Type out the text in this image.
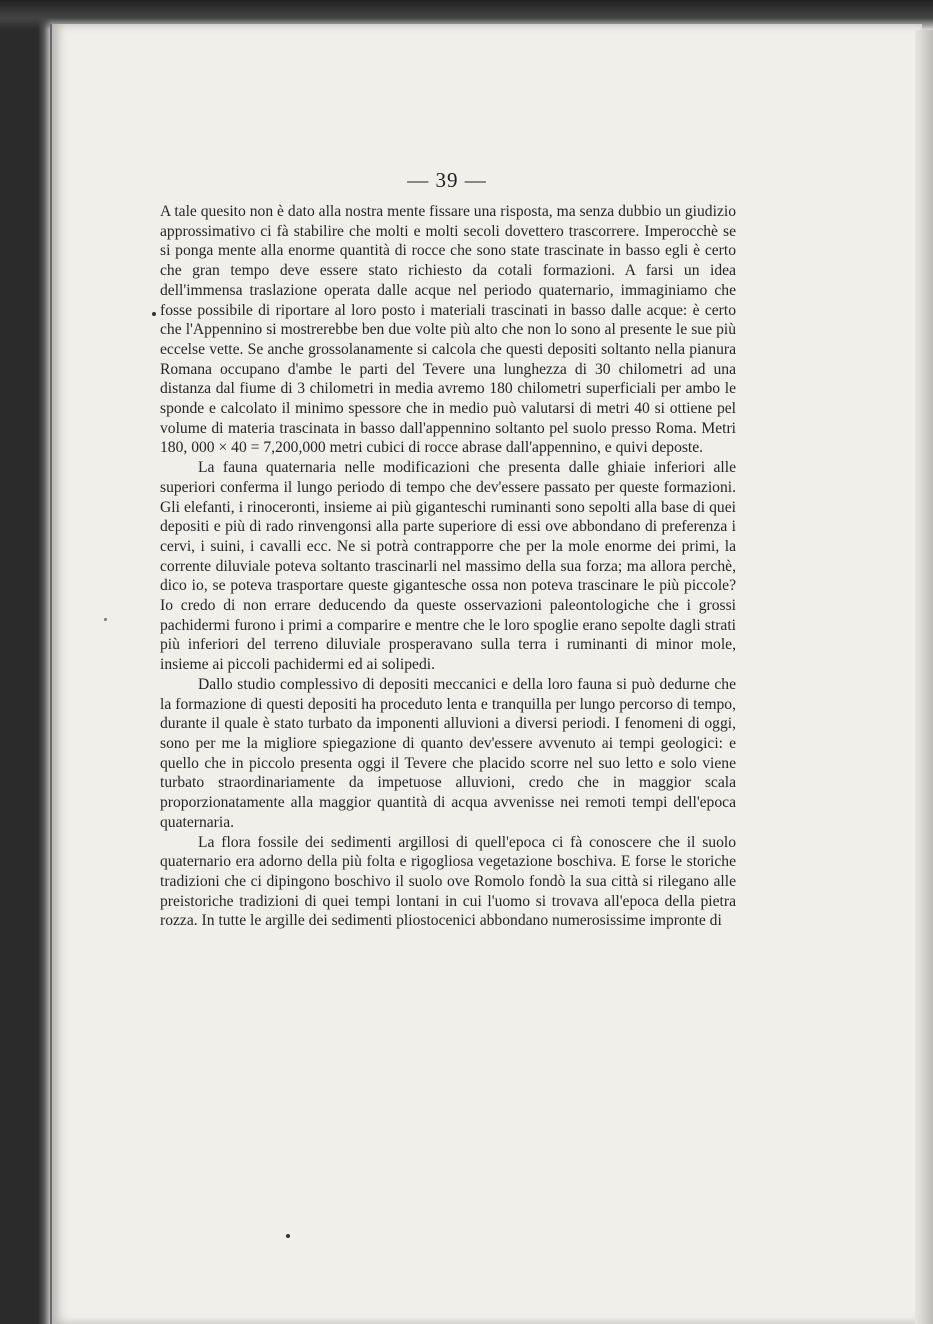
— 39 —

A tale quesito non è dato alla nostra mente fissare una risposta, ma senza dubbio un giudizio approssimativo ci fà stabilire che molti e molti secoli dovettero trascorrere. Imperocchè se si ponga mente alla enorme quantità di rocce che sono state trascinate in basso egli è certo che gran tempo deve essere stato richiesto da cotali formazioni. A farsi un idea dell'immensa traslazione operata dalle acque nel periodo quaternario, immaginiamo che fosse possibile di riportare al loro posto i materiali trascinati in basso dalle acque: è certo che l'Appennino si mostrerebbe ben due volte più alto che non lo sono al presente le sue più eccelse vette. Se anche grossolanamente si calcola che questi depositi soltanto nella pianura Romana occupano d'ambe le parti del Tevere una lunghezza di 30 chilometri ad una distanza dal fiume di 3 chilometri in media avremo 180 chilometri superficiali per ambo le sponde e calcolato il minimo spessore che in medio può valutarsi di metri 40 si ottiene pel volume di materia trascinata in basso dall'appennino soltanto pel suolo presso Roma. Metri 180, 000 × 40 = 7,200,000 metri cubici di rocce abrase dall'appennino, e quivi deposte.

La fauna quaternaria nelle modificazioni che presenta dalle ghiaie inferiori alle superiori conferma il lungo periodo di tempo che dev'essere passato per queste formazioni. Gli elefanti, i rinoceronti, insieme ai più giganteschi ruminanti sono sepolti alla base di quei depositi e più di rado rinvengonsi alla parte superiore di essi ove abbondano di preferenza i cervi, i suini, i cavalli ecc. Ne si potrà contrapporre che per la mole enorme dei primi, la corrente diluviale poteva soltanto trascinarli nel massimo della sua forza; ma allora perchè, dico io, se poteva trasportare queste gigantesche ossa non poteva trascinare le più piccole? Io credo di non errare deducendo da queste osservazioni paleontologiche che i grossi pachidermi furono i primi a comparire e mentre che le loro spoglie erano sepolte dagli strati più inferiori del terreno diluviale prosperavano sulla terra i ruminanti di minor mole, insieme ai piccoli pachidermi ed ai solipedi.

Dallo studio complessivo di depositi meccanici e della loro fauna si può dedurne che la formazione di questi depositi ha proceduto lenta e tranquilla per lungo percorso di tempo, durante il quale è stato turbato da imponenti alluvioni a diversi periodi. I fenomeni di oggi, sono per me la migliore spiegazione di quanto dev'essere avvenuto ai tempi geologici: e quello che in piccolo presenta oggi il Tevere che placido scorre nel suo letto e solo viene turbato straordinariamente da impetuose alluvioni, credo che in maggior scala proporzionatamente alla maggior quantità di acqua avvenisse nei remoti tempi dell'epoca quaternaria.

La flora fossile dei sedimenti argillosi di quell'epoca ci fà conoscere che il suolo quaternario era adorno della più folta e rigogliosa vegetazione boschiva. E forse le storiche tradizioni che ci dipingono boschivo il suolo ove Romolo fondò la sua città si rilegano alle preistoriche tradizioni di quei tempi lontani in cui l'uomo si trovava all'epoca della pietra rozza. In tutte le argille dei sedimenti pliostocenici abbondano numerosissime impronte di
